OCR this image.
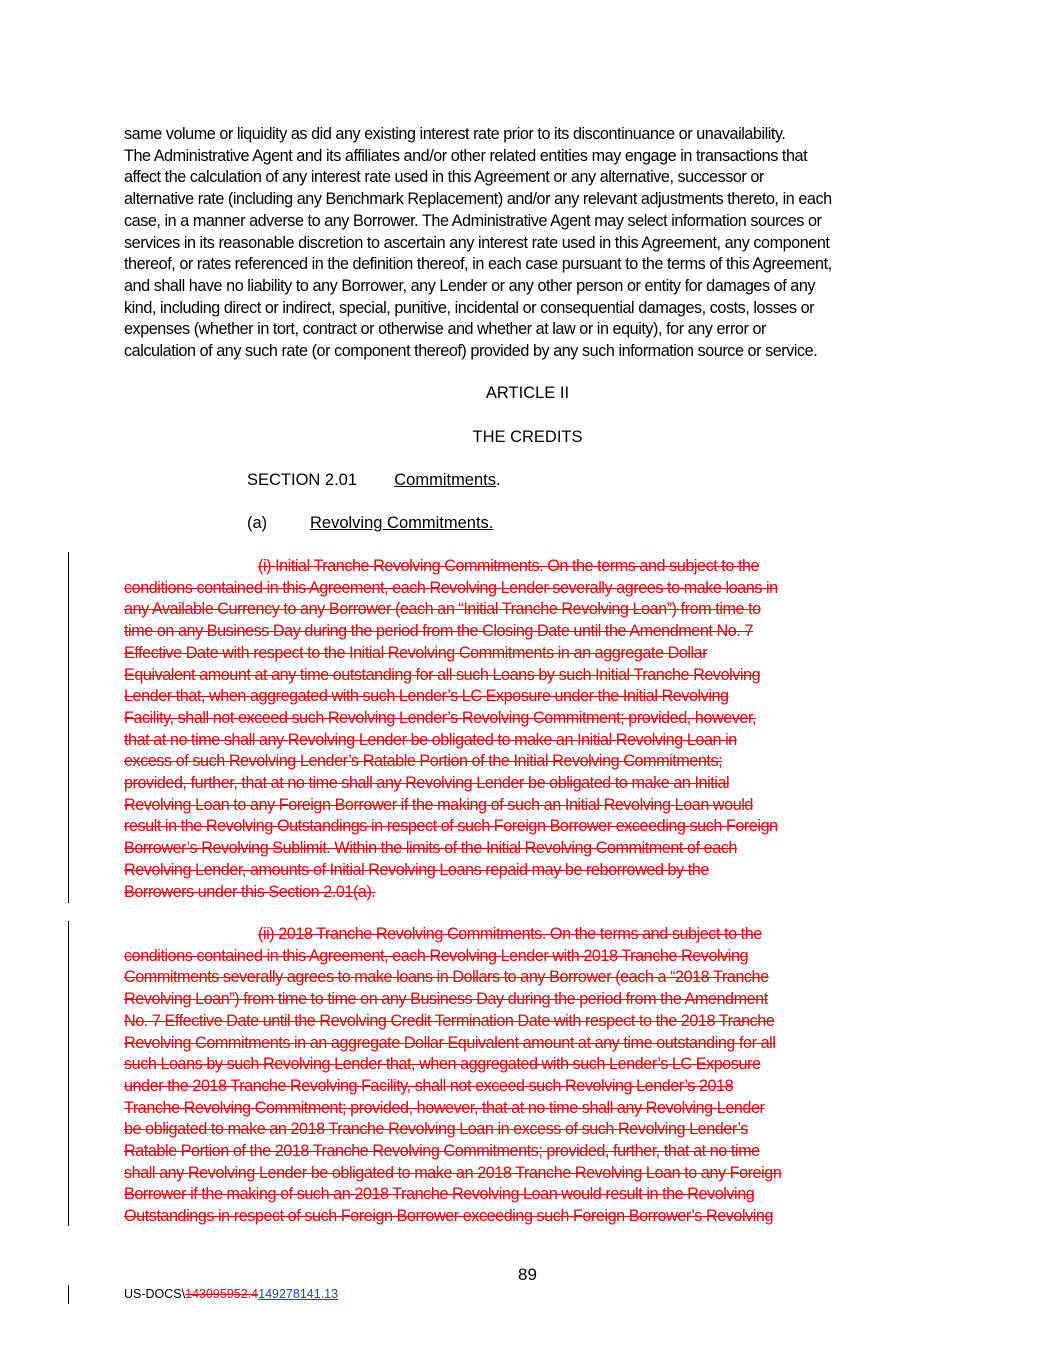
same volume or liquidity as did any existing interest rate prior to its discontinuance or unavailability.
The Administrative Agent and its affiliates and/or other related entities may engage in transactions that
affect the calculation of any interest rate used in this Agreement or any alternative, successor or
alternative rate (including any Benchmark Replacement) and/or any relevant adjustments thereto, in each
case, in a manner adverse to any Borrower. The Administrative Agent may select information sources or
services in its reasonable discretion to ascertain any interest rate used in this Agreement, any component
thereof, or rates referenced in the definition thereof, in each case pursuant to the terms of this Agreement,
and shall have no liability to any Borrower, any Lender or any other person or entity for damages of any
kind, including direct or indirect, special, punitive, incidental or consequential damages, costs, losses or
expenses (whether in tort, contract or otherwise and whether at law or in equity), for any error or
calculation of any such rate (or component thereof) provided by any such information source or service.
ARTICLE II
THE CREDITS
SECTION 2.01 Commitments.
(a)	Revolving Commitments.
(i) Initial Tranche Revolving Commitments. On the terms and subject to the
conditions contained in this Agreement, each Revolving Lender severally agrees to make loans in
any Available Currency to any Borrower (each an “Initial Tranche Revolving Loan”) from time to
time on any Business Day during the period from the Closing Date until the Amendment No. 7
Effective Date with respect to the Initial Revolving Commitments in an aggregate Dollar
Equivalent amount at any time outstanding for all such Loans by such Initial Tranche Revolving
Lender that, when aggregated with such Lender’s LC Exposure under the Initial Revolving
Facility, shall not exceed such Revolving Lender’s Revolving Commitment; provided, however,
that at no time shall any Revolving Lender be obligated to make an Initial Revolving Loan in
excess of such Revolving Lender’s Ratable Portion of the Initial Revolving Commitments;
provided, further, that at no time shall any Revolving Lender be obligated to make an Initial
Revolving Loan to any Foreign Borrower if the making of such an Initial Revolving Loan would
result in the Revolving Outstandings in respect of such Foreign Borrower exceeding such Foreign
Borrower’s Revolving Sublimit. Within the limits of the Initial Revolving Commitment of each
Revolving Lender, amounts of Initial Revolving Loans repaid may be reborrowed by the
Borrowers under this Section 2.01(a).
(ii) 2018 Tranche Revolving Commitments. On the terms and subject to the
conditions contained in this Agreement, each Revolving Lender with 2018 Tranche Revolving
Commitments severally agrees to make loans in Dollars to any Borrower (each a “2018 Tranche
Revolving Loan”) from time to time on any Business Day during the period from the Amendment
No. 7 Effective Date until the Revolving Credit Termination Date with respect to the 2018 Tranche
Revolving Commitments in an aggregate Dollar Equivalent amount at any time outstanding for all
such Loans by such Revolving Lender that, when aggregated with such Lender’s LC Exposure
under the 2018 Tranche Revolving Facility, shall not exceed such Revolving Lender’s 2018
Tranche Revolving Commitment; provided, however, that at no time shall any Revolving Lender
be obligated to make an 2018 Tranche Revolving Loan in excess of such Revolving Lender’s
Ratable Portion of the 2018 Tranche Revolving Commitments; provided, further, that at no time
shall any Revolving Lender be obligated to make an 2018 Tranche Revolving Loan to any Foreign
Borrower if the making of such an 2018 Tranche Revolving Loan would result in the Revolving
Outstandings in respect of such Foreign Borrower exceeding such Foreign Borrower’s Revolving
89
US-DOCS\143095952.4149278141.13
